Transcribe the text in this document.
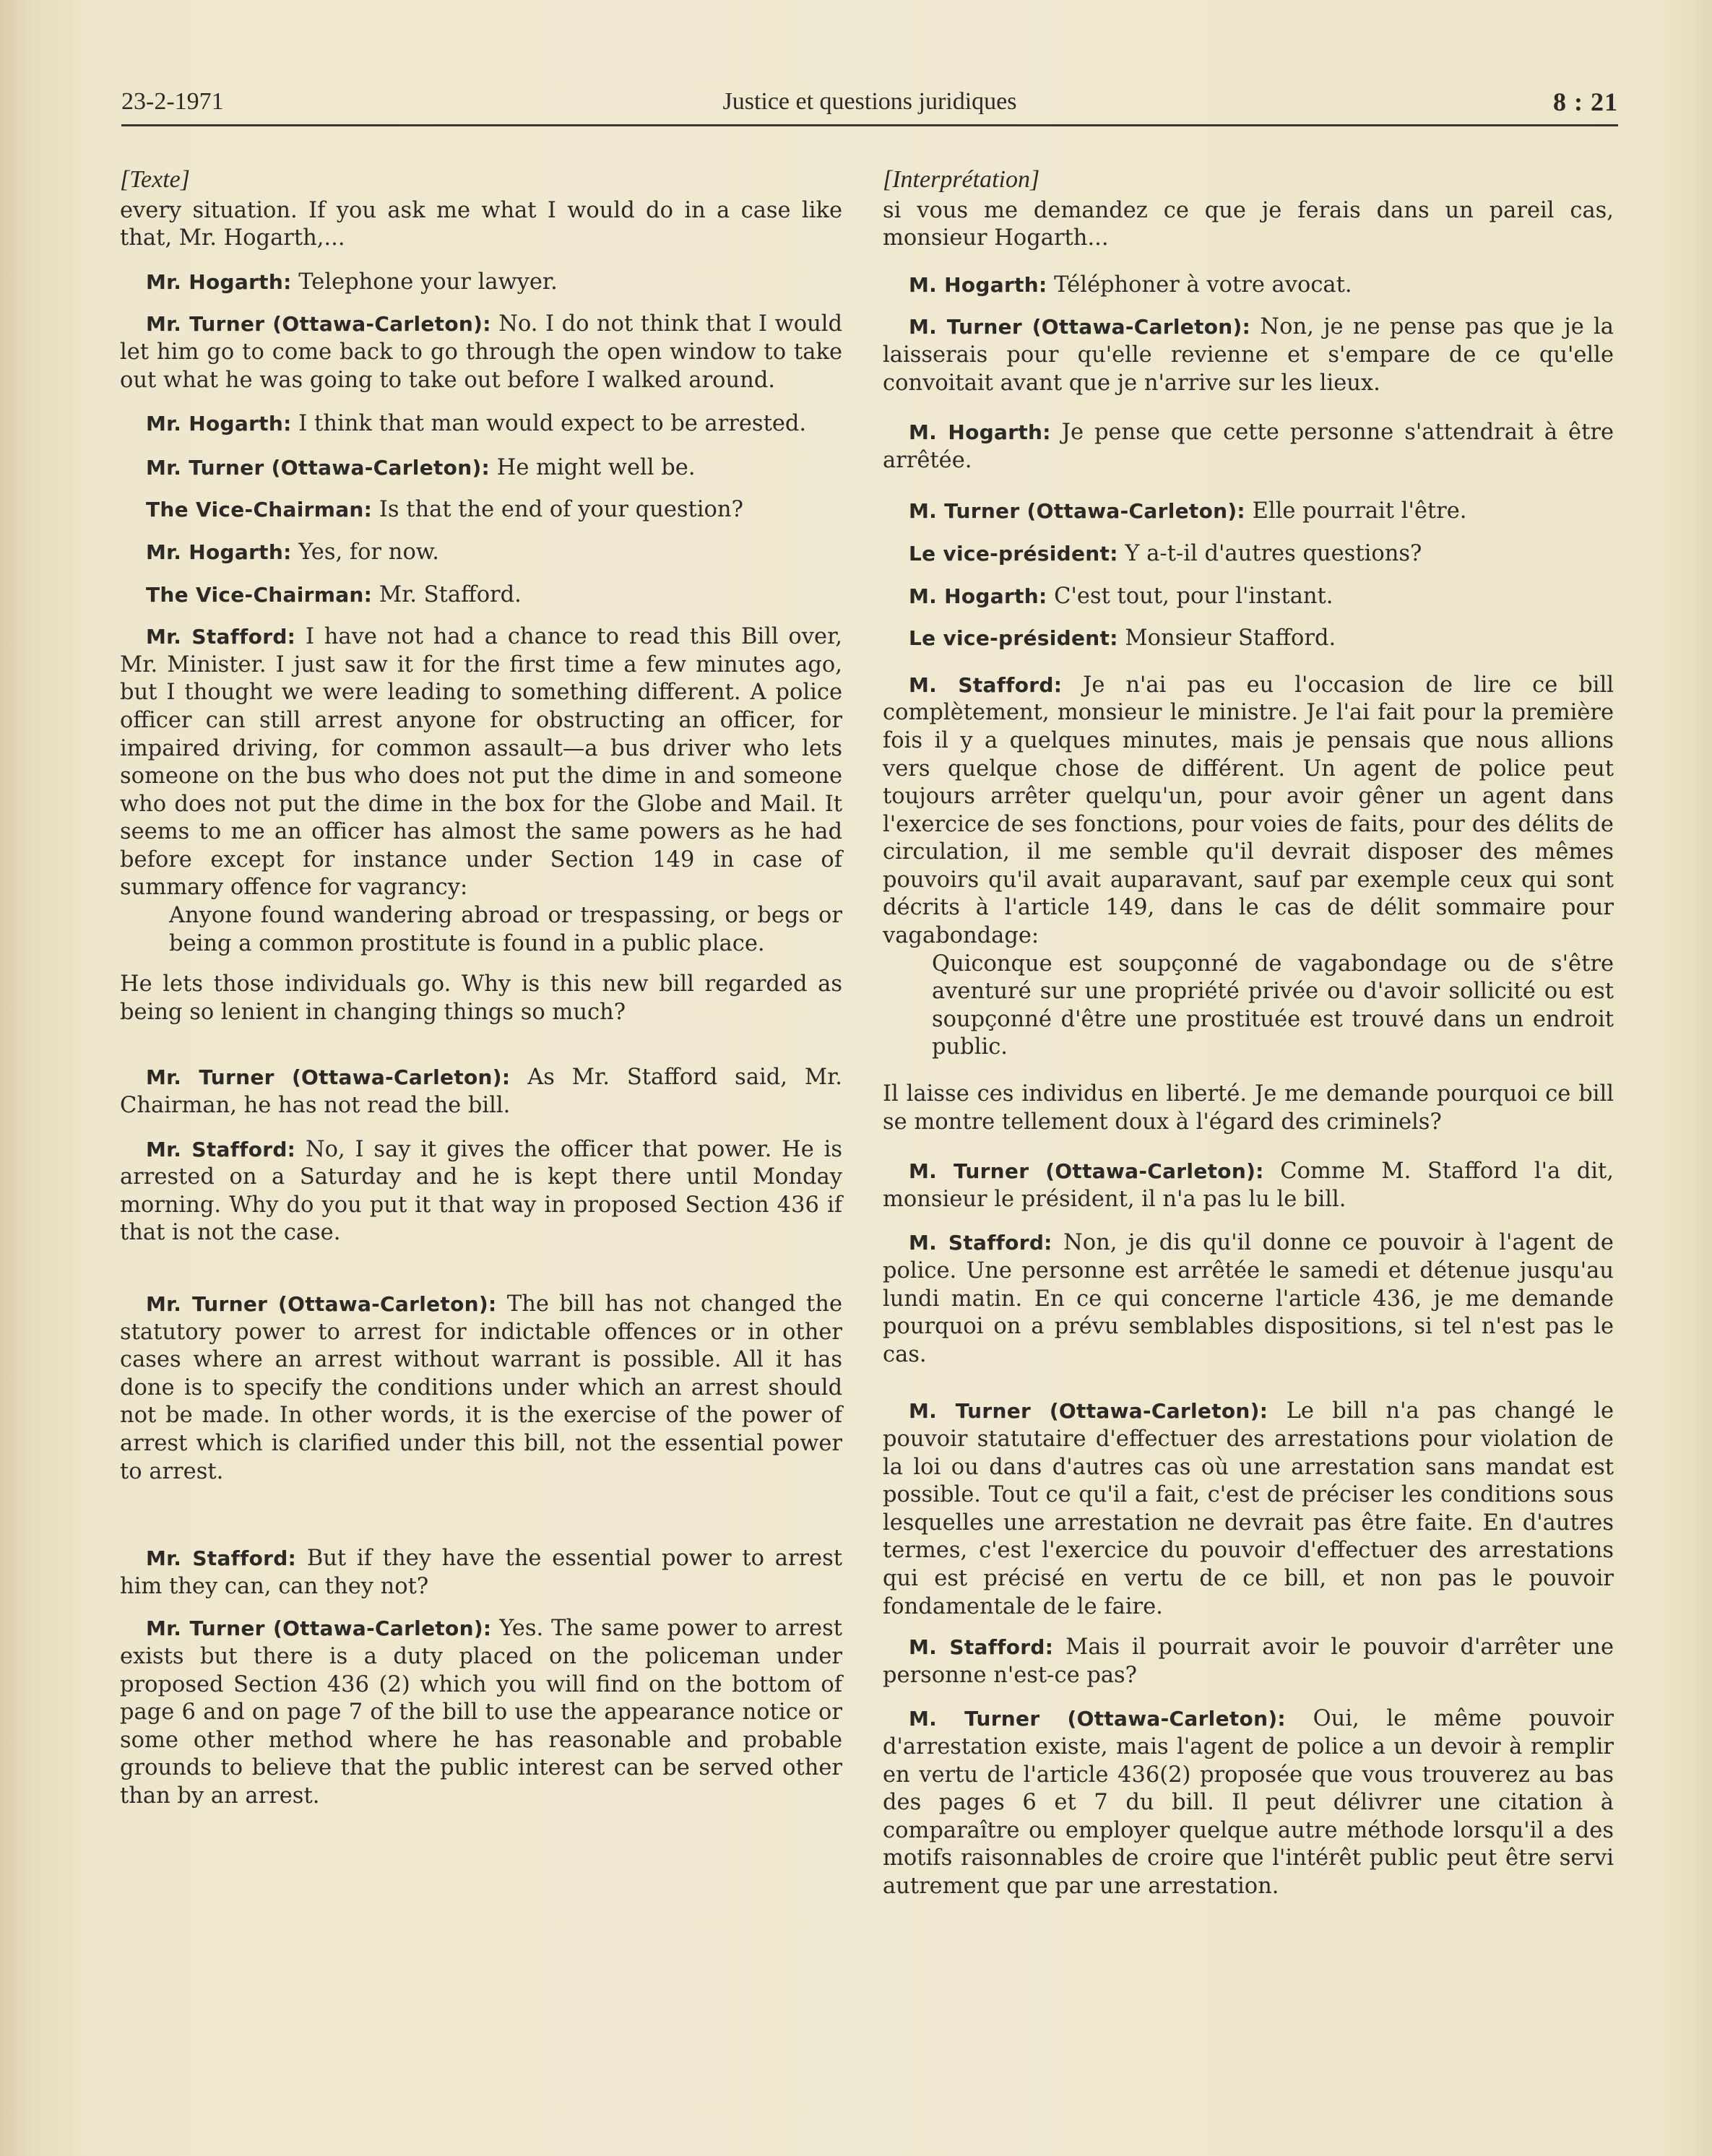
23-2-1971	Justice et questions juridiques	8 : 21

[Texte]

every situation. If you ask me what I would do in a case like that, Mr. Hogarth,...

Mr. Hogarth: Telephone your lawyer.

Mr. Turner (Ottawa-Carleton): No. I do not think that I would let him go to come back to go through the open window to take out what he was going to take out before I walked around.

Mr. Hogarth: I think that man would expect to be arrested.

Mr. Turner (Ottawa-Carleton): He might well be.

The Vice-Chairman: Is that the end of your question?

Mr. Hogarth: Yes, for now.

The Vice-Chairman: Mr. Stafford.

Mr. Stafford: I have not had a chance to read this Bill over, Mr. Minister. I just saw it for the first time a few minutes ago, but I thought we were leading to something different. A police officer can still arrest anyone for obstructing an officer, for impaired driving, for common assault—a bus driver who lets someone on the bus who does not put the dime in and someone who does not put the dime in the box for the Globe and Mail. It seems to me an officer has almost the same powers as he had before except for instance under Section 149 in case of summary offence for vagrancy:

Anyone found wandering abroad or trespassing, or begs or being a common prostitute is found in a public place.

He lets those individuals go. Why is this new bill regarded as being so lenient in changing things so much?

Mr. Turner (Ottawa-Carleton): As Mr. Stafford said, Mr. Chairman, he has not read the bill.

Mr. Stafford: No, I say it gives the officer that power. He is arrested on a Saturday and he is kept there until Monday morning. Why do you put it that way in proposed Section 436 if that is not the case.

Mr. Turner (Ottawa-Carleton): The bill has not changed the statutory power to arrest for indictable offences or in other cases where an arrest without warrant is possible. All it has done is to specify the conditions under which an arrest should not be made. In other words, it is the exercise of the power of arrest which is clarified under this bill, not the essential power to arrest.

Mr. Stafford: But if they have the essential power to arrest him they can, can they not?

Mr. Turner (Ottawa-Carleton): Yes. The same power to arrest exists but there is a duty placed on the policeman under proposed Section 436 (2) which you will find on the bottom of page 6 and on page 7 of the bill to use the appearance notice or some other method where he has reasonable and probable grounds to believe that the public interest can be served other than by an arrest.

[Interprétation]

si vous me demandez ce que je ferais dans un pareil cas, monsieur Hogarth...

M. Hogarth: Téléphoner à votre avocat.

M. Turner (Ottawa-Carleton): Non, je ne pense pas que je la laisserais pour qu'elle revienne et s'empare de ce qu'elle convoitait avant que je n'arrive sur les lieux.

M. Hogarth: Je pense que cette personne s'attendrait à être arrêtée.

M. Turner (Ottawa-Carleton): Elle pourrait l'être.

Le vice-président: Y a-t-il d'autres questions?

M. Hogarth: C'est tout, pour l'instant.

Le vice-président: Monsieur Stafford.

M. Stafford: Je n'ai pas eu l'occasion de lire ce bill complètement, monsieur le ministre. Je l'ai fait pour la première fois il y a quelques minutes, mais je pensais que nous allions vers quelque chose de différent. Un agent de police peut toujours arrêter quelqu'un, pour avoir gêner un agent dans l'exercice de ses fonctions, pour voies de faits, pour des délits de circulation, il me semble qu'il devrait disposer des mêmes pouvoirs qu'il avait auparavant, sauf par exemple ceux qui sont décrits à l'article 149, dans le cas de délit sommaire pour vagabondage:

Quiconque est soupçonné de vagabondage ou de s'être aventuré sur une propriété privée ou d'avoir sollicité ou est soupçonné d'être une prostituée est trouvé dans un endroit public.

Il laisse ces individus en liberté. Je me demande pourquoi ce bill se montre tellement doux à l'égard des criminels?

M. Turner (Ottawa-Carleton): Comme M. Stafford l'a dit, monsieur le président, il n'a pas lu le bill.

M. Stafford: Non, je dis qu'il donne ce pouvoir à l'agent de police. Une personne est arrêtée le samedi et détenue jusqu'au lundi matin. En ce qui concerne l'article 436, je me demande pourquoi on a prévu semblables dispositions, si tel n'est pas le cas.

M. Turner (Ottawa-Carleton): Le bill n'a pas changé le pouvoir statutaire d'effectuer des arrestations pour violation de la loi ou dans d'autres cas où une arrestation sans mandat est possible. Tout ce qu'il a fait, c'est de préciser les conditions sous lesquelles une arrestation ne devrait pas être faite. En d'autres termes, c'est l'exercice du pouvoir d'effectuer des arrestations qui est précisé en vertu de ce bill, et non pas le pouvoir fondamentale de le faire.

M. Stafford: Mais il pourrait avoir le pouvoir d'arrêter une personne n'est-ce pas?

M. Turner (Ottawa-Carleton): Oui, le même pouvoir d'arrestation existe, mais l'agent de police a un devoir à remplir en vertu de l'article 436(2) proposée que vous trouverez au bas des pages 6 et 7 du bill. Il peut délivrer une citation à comparaître ou employer quelque autre méthode lorsqu'il a des motifs raisonnables de croire que l'intérêt public peut être servi autrement que par une arrestation.
